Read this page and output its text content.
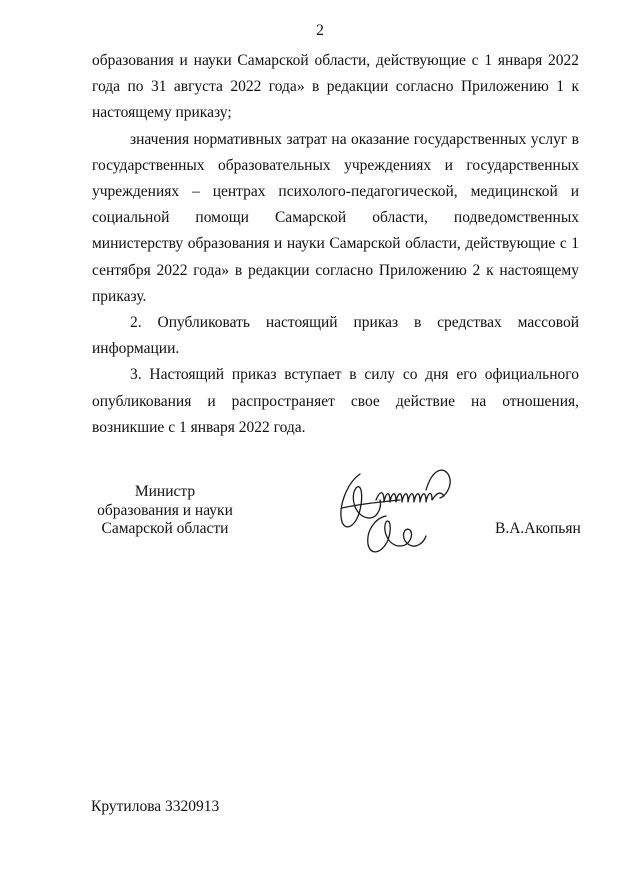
2

образования и науки Самарской области, действующие с 1 января 2022 года по 31 августа 2022 года» в редакции согласно Приложению 1 к настоящему приказу;

значения нормативных затрат на оказание государственных услуг в государственных образовательных учреждениях и государственных учреждениях – центрах психолого-педагогической, медицинской и социальной помощи Самарской области, подведомственных министерству образования и науки Самарской области, действующие с 1 сентября 2022 года» в редакции согласно Приложению 2 к настоящему приказу.

2. Опубликовать настоящий приказ в средствах массовой информации.

3. Настоящий приказ вступает в силу со дня его официального опубликования и распространяет свое действие на отношения, возникшие с 1 января 2022 года.

Министр
образования и науки
Самарской области	В.А.Акопьян
Крутилова 3320913
